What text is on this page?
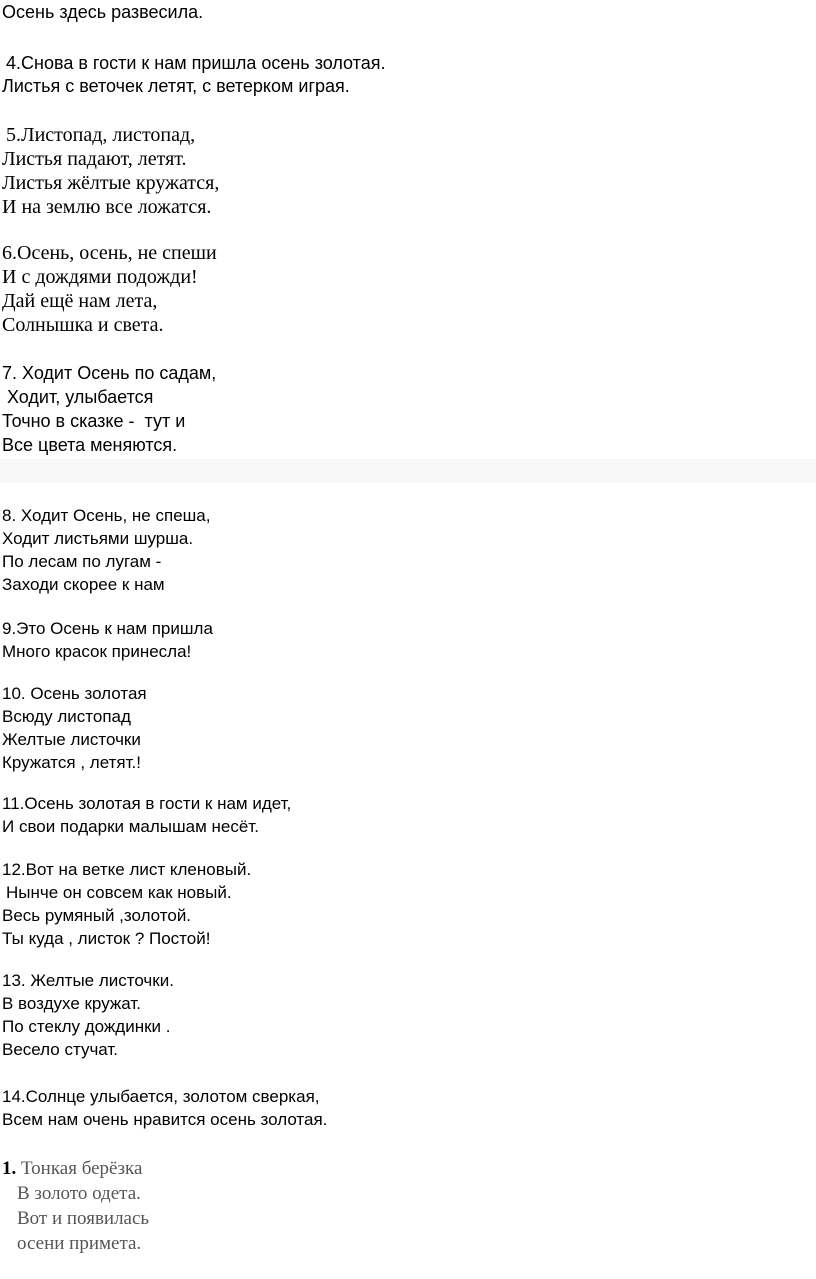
Осень здесь развесила.
4.Снова в гости к нам пришла осень золотая.
Листья с веточек летят, с ветерком играя.
5.Листопад, листопад,
Листья падают, летят.
Листья жёлтые кружатся,
И на землю все ложатся.
6.Осень, осень, не спеши
И с дождями подожди!
Дай ещё нам лета,
Солнышка и света.
7. Ходит Осень по садам,
Ходит, улыбается
Точно в сказке -  тут и
Все цвета меняются.
8. Ходит Осень, не спеша,
Ходит листьями шурша.
По лесам по лугам -
Заходи скорее к нам
9.Это Осень к нам пришла
Много красок принесла!
10. Осень золотая
Всюду листопад
Желтые листочки
Кружатся , летят.!
11.Осень золотая в гости к нам идет,
И свои подарки малышам несёт.
12.Вот на ветке лист кленовый.
Нынче он совсем как новый.
Весь румяный ,золотой.
Ты куда , листок ? Постой!
13. Желтые листочки.
В воздухе кружат.
По стеклу дождинки .
Весело стучат.
14.Солнце улыбается, золотом сверкая,
Всем нам очень нравится осень золотая.
1. Тонкая берёзка
В золото одета.
Вот и появилась
осени примета.
